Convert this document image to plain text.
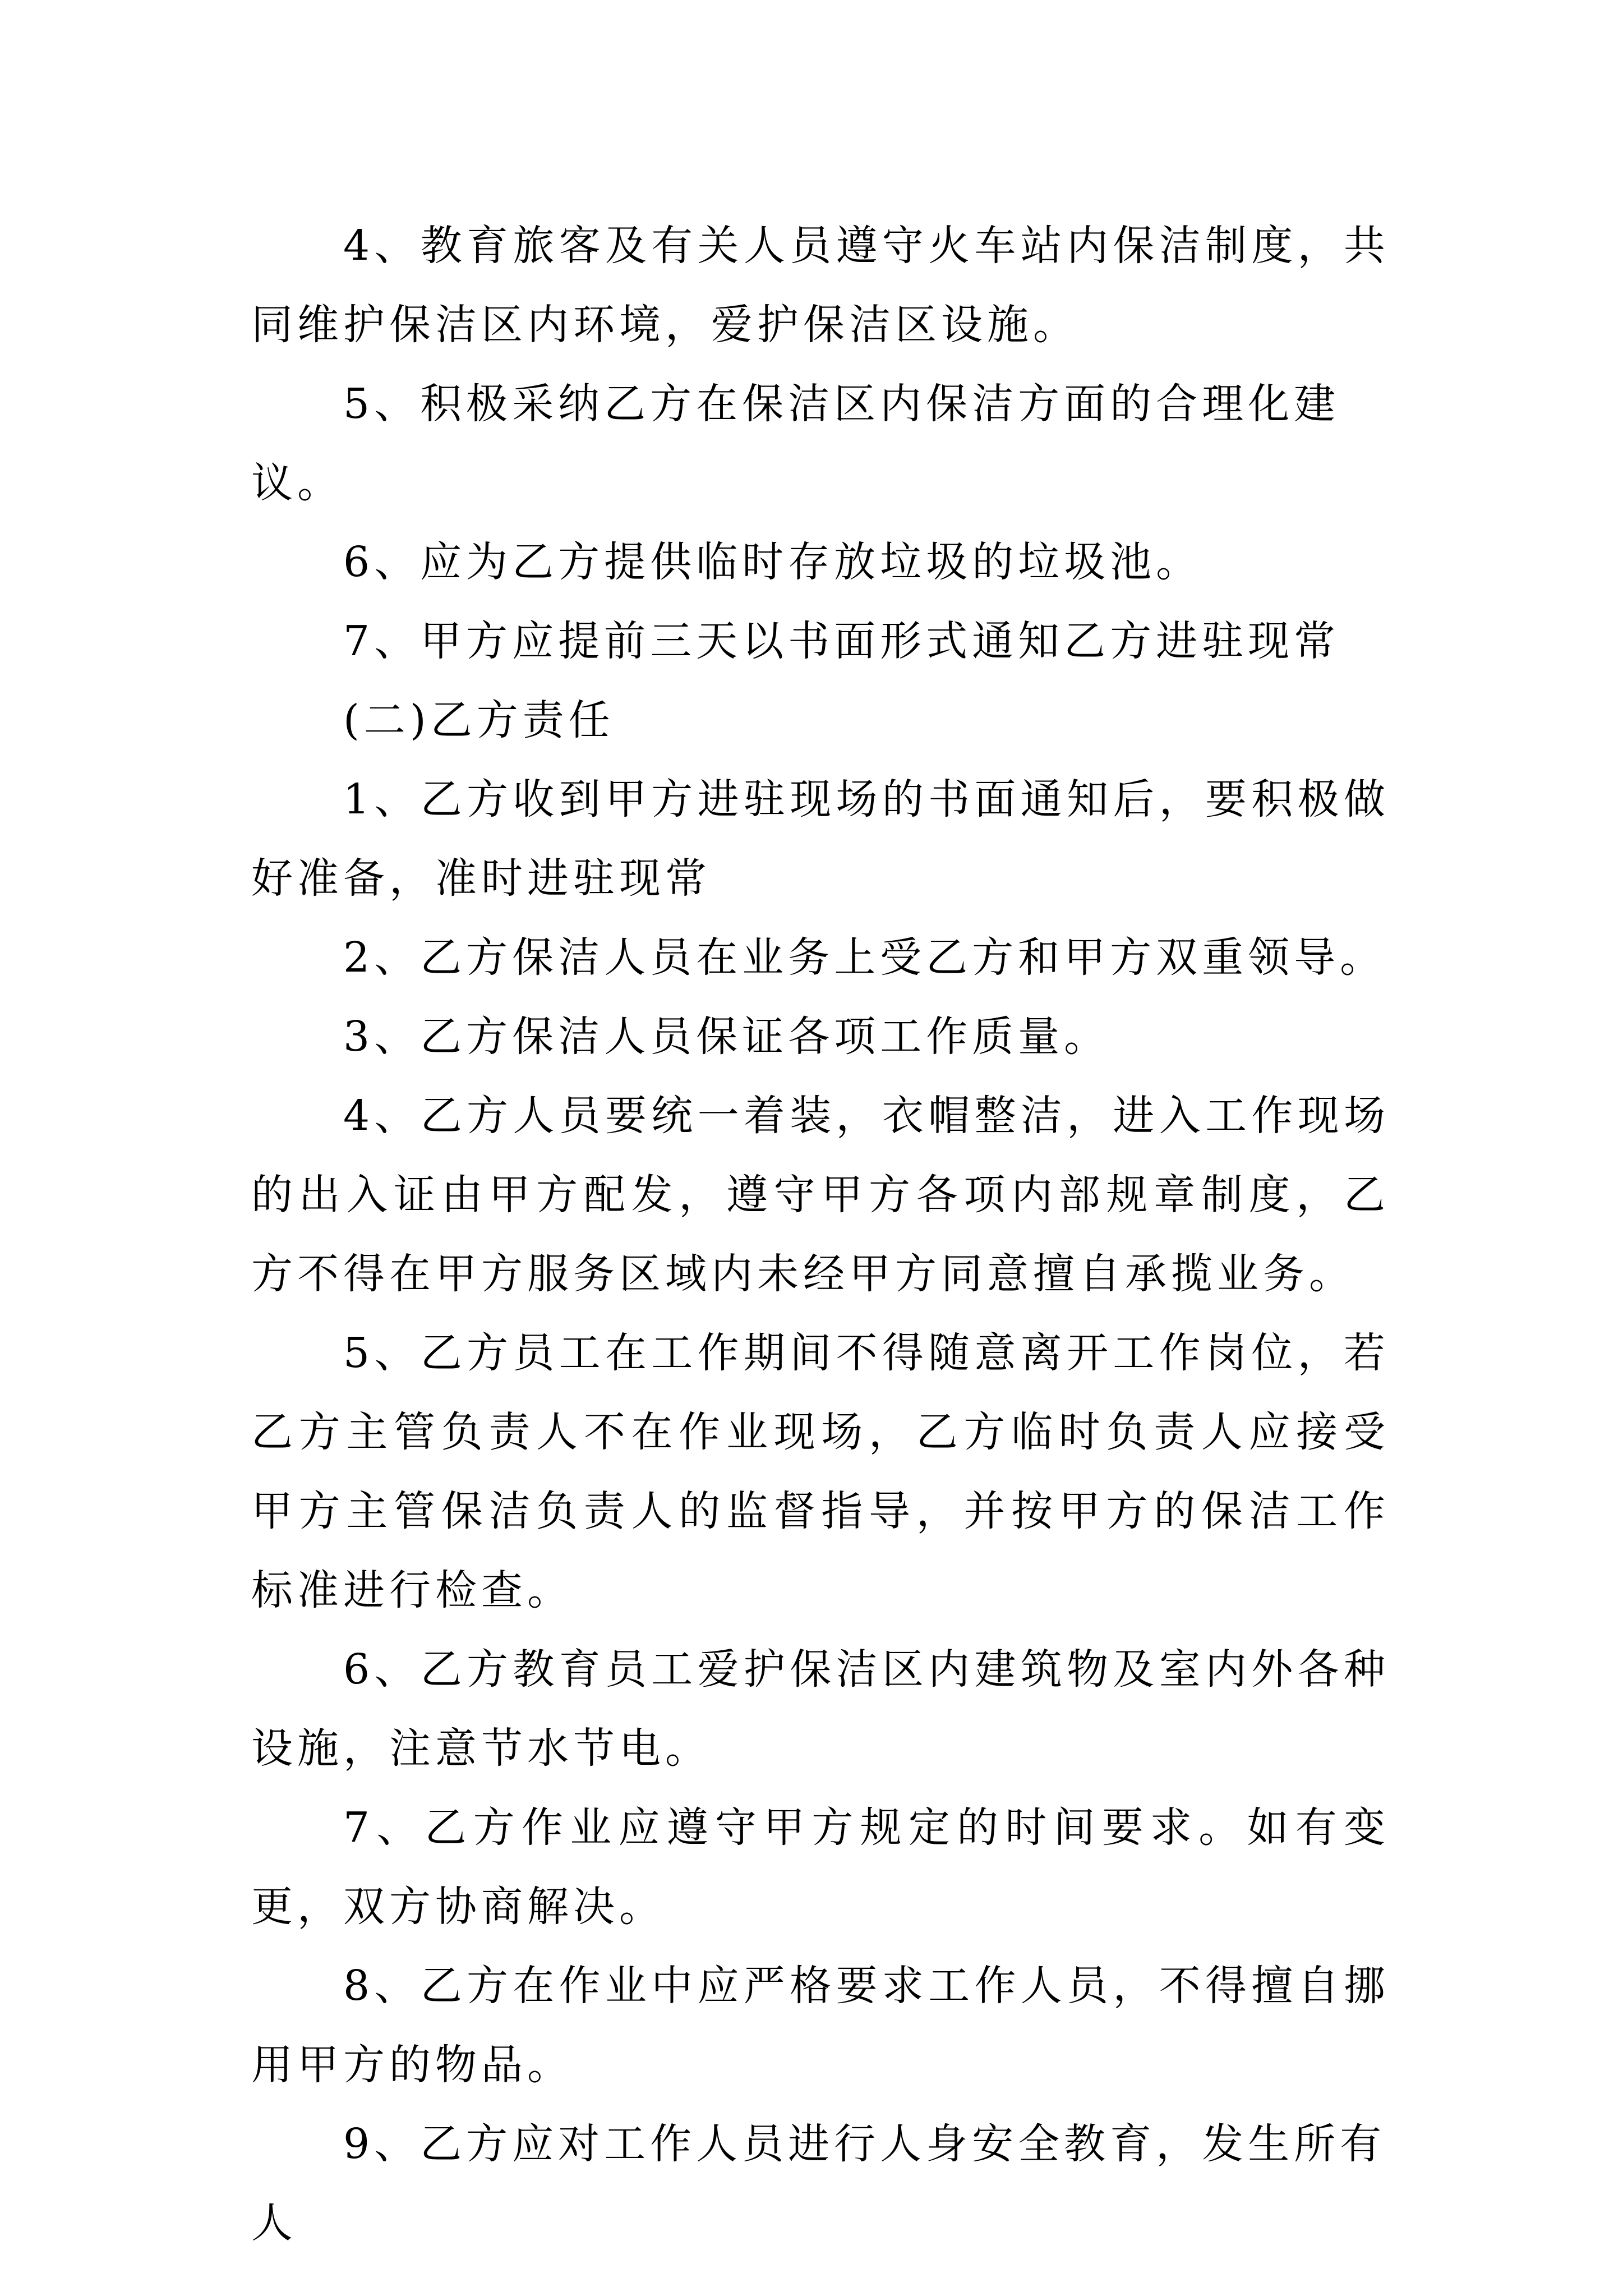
4、教育旅客及有关人员遵守火车站内保洁制度，共同维护保洁区内环境，爱护保洁区设施。

5、积极采纳乙方在保洁区内保洁方面的合理化建议。

6、应为乙方提供临时存放垃圾的垃圾池。

7、甲方应提前三天以书面形式通知乙方进驻现常

(二)乙方责任

1、乙方收到甲方进驻现场的书面通知后，要积极做好准备，准时进驻现常

2、乙方保洁人员在业务上受乙方和甲方双重领导。

3、乙方保洁人员保证各项工作质量。

4、乙方人员要统一着装，衣帽整洁，进入工作现场的出入证由甲方配发，遵守甲方各项内部规章制度，乙方不得在甲方服务区域内未经甲方同意擅自承揽业务。

5、乙方员工在工作期间不得随意离开工作岗位，若乙方主管负责人不在作业现场，乙方临时负责人应接受甲方主管保洁负责人的监督指导，并按甲方的保洁工作标准进行检查。

6、乙方教育员工爱护保洁区内建筑物及室内外各种设施，注意节水节电。

7、乙方作业应遵守甲方规定的时间要求。如有变更，双方协商解决。

8、乙方在作业中应严格要求工作人员，不得擅自挪用甲方的物品。

9、乙方应对工作人员进行人身安全教育，发生所有人
